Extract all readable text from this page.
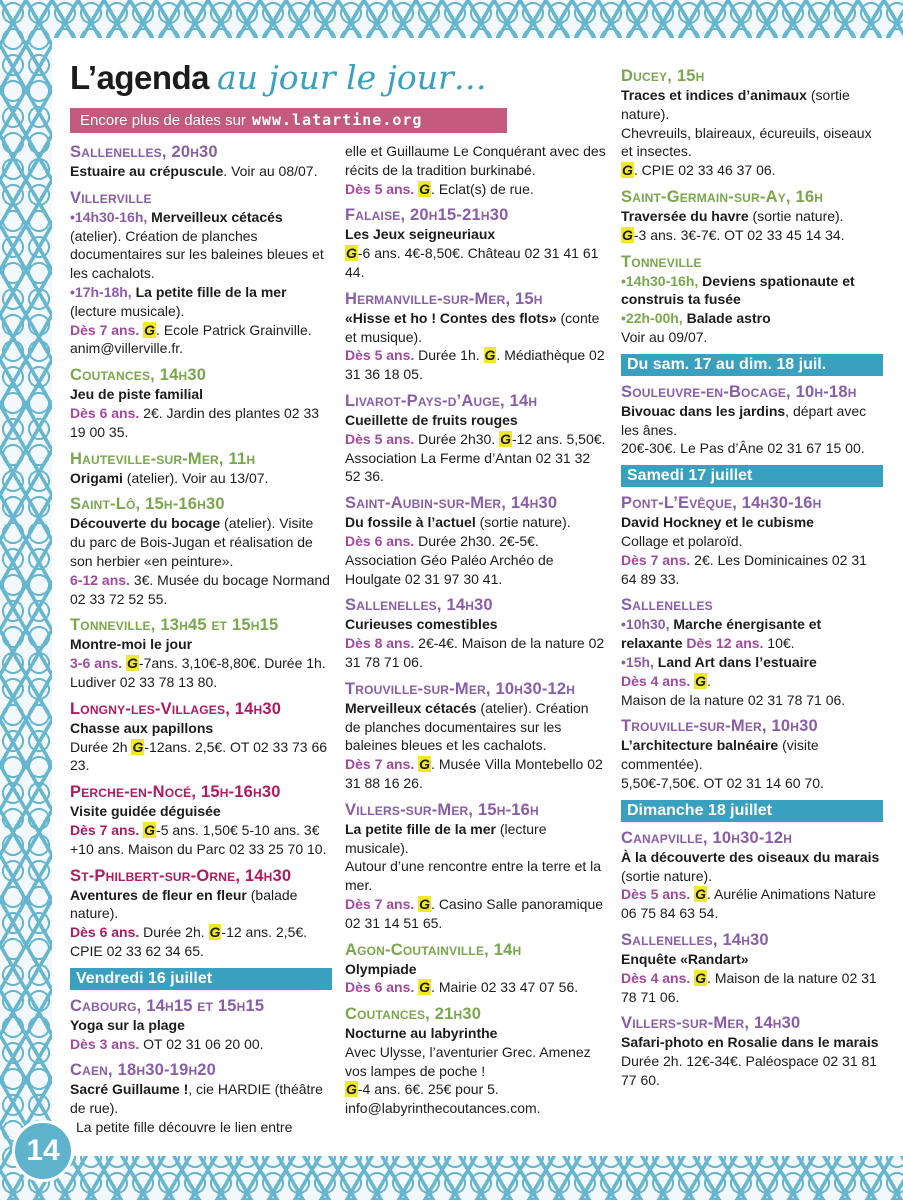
L’agenda au jour le jour…
Encore plus de dates sur www.latartine.org
Sallenelles, 20h30

Estuaire au crépuscule. Voir au 08/07.

Villerville

•14h30-16h, Merveilleux cétacés (atelier). Création de planches documentaires sur les baleines bleues et les cachalots.

•17h-18h, La petite fille de la mer (lecture musicale).

Dès 7 ans. G. Ecole Patrick Grainville. anim@villerville.fr.

Coutances, 14h30

Jeu de piste familial

Dès 6 ans. 2€. Jardin des plantes 02 33 19 00 35.

Hauteville-sur-Mer, 11h

Origami (atelier). Voir au 13/07.

Saint-Lô, 15h-16h30

Découverte du bocage (atelier). Visite du parc de Bois-Jugan et réalisation de son herbier «en peinture».

6-12 ans. 3€. Musée du bocage Normand 02 33 72 52 55.

Tonneville, 13h45 et 15h15

Montre-moi le jour

3-6 ans. G-7ans. 3,10€-8,80€. Durée 1h. Ludiver 02 33 78 13 80.

Longny-les-Villages, 14h30

Chasse aux papillons

Durée 2h G-12ans. 2,5€. OT 02 33 73 66 23.

Perche-en-Nocé, 15h-16h30

Visite guidée déguisée

Dès 7 ans. G-5 ans. 1,50€ 5-10 ans. 3€ +10 ans. Maison du Parc 02 33 25 70 10.

St-Philbert-sur-Orne, 14h30

Aventures de fleur en fleur (balade nature).

Dès 6 ans. Durée 2h. G-12 ans. 2,5€. CPIE 02 33 62 34 65.

Vendredi 16 juillet
Cabourg, 14h15 et 15h15

Yoga sur la plage

Dès 3 ans. OT 02 31 06 20 00.

Caen, 18h30-19h20

Sacré Guillaume !, cie HARDIE (théâtre de rue).

La petite fille découvre le lien entre

elle et Guillaume Le Conquérant avec des récits de la tradition burkinabé.

Dès 5 ans. G. Eclat(s) de rue.

Falaise, 20h15-21h30

Les Jeux seigneuriaux

G-6 ans. 4€-8,50€. Château 02 31 41 61 44.

Hermanville-sur-Mer, 15h

«Hisse et ho ! Contes des flots» (conte et musique).

Dès 5 ans. Durée 1h. G. Médiathèque 02 31 36 18 05.

Livarot-Pays-d’Auge, 14h

Cueillette de fruits rouges

Dès 5 ans. Durée 2h30. G-12 ans. 5,50€. Association La Ferme d’Antan 02 31 32 52 36.

Saint-Aubin-sur-Mer, 14h30

Du fossile à l’actuel (sortie nature).

Dès 6 ans. Durée 2h30. 2€-5€. Association Géo Paléo Archéo de Houlgate 02 31 97 30 41.

Sallenelles, 14h30

Curieuses comestibles

Dès 8 ans. 2€-4€. Maison de la nature 02 31 78 71 06.

Trouville-sur-Mer, 10h30-12h

Merveilleux cétacés (atelier). Création de planches documentaires sur les baleines bleues et les cachalots.

Dès 7 ans. G. Musée Villa Montebello 02 31 88 16 26.

Villers-sur-Mer, 15h-16h

La petite fille de la mer (lecture musicale).

Autour d’une rencontre entre la terre et la mer.

Dès 7 ans. G. Casino Salle panoramique 02 31 14 51 65.

Agon-Coutainville, 14h

Olympiade

Dès 6 ans. G. Mairie 02 33 47 07 56.

Coutances, 21h30

Nocturne au labyrinthe

Avec Ulysse, l’aventurier Grec. Amenez vos lampes de poche !

G-4 ans. 6€. 25€ pour 5. info@labyrinthecoutances.com.

Ducey, 15h

Traces et indices d’animaux (sortie nature).

Chevreuils, blaireaux, écureuils, oiseaux et insectes.

G. CPIE 02 33 46 37 06.

Saint-Germain-sur-Ay, 16h

Traversée du havre (sortie nature).

G-3 ans. 3€-7€. OT 02 33 45 14 34.

Tonneville

•14h30-16h, Deviens spationaute et construis ta fusée

•22h-00h, Balade astro

Voir au 09/07.

Du sam. 17 au dim. 18 juil.
Souleuvre-en-Bocage, 10h-18h

Bivouac dans les jardins, départ avec les ânes.

20€-30€. Le Pas d’Âne 02 31 67 15 00.

Samedi 17 juillet
Pont-L’Evêque, 14h30-16h

David Hockney et le cubisme

Collage et polaroïd.

Dès 7 ans. 2€. Les Dominicaines 02 31 64 89 33.

Sallenelles

•10h30, Marche énergisante et relaxante Dès 12 ans. 10€.

•15h, Land Art dans l’estuaire

Dès 4 ans. G.

Maison de la nature 02 31 78 71 06.

Trouville-sur-Mer, 10h30

L’architecture balnéaire (visite commentée).

5,50€-7,50€. OT 02 31 14 60 70.

Dimanche 18 juillet
Canapville, 10h30-12h

À la découverte des oiseaux du marais (sortie nature).

Dès 5 ans. G. Aurélie Animations Nature 06 75 84 63 54.

Sallenelles, 14h30

Enquête «Randart»

Dès 4 ans. G. Maison de la nature 02 31 78 71 06.

Villers-sur-Mer, 14h30

Safari-photo en Rosalie dans le marais

Durée 2h. 12€-34€. Paléospace 02 31 81 77 60.

14
